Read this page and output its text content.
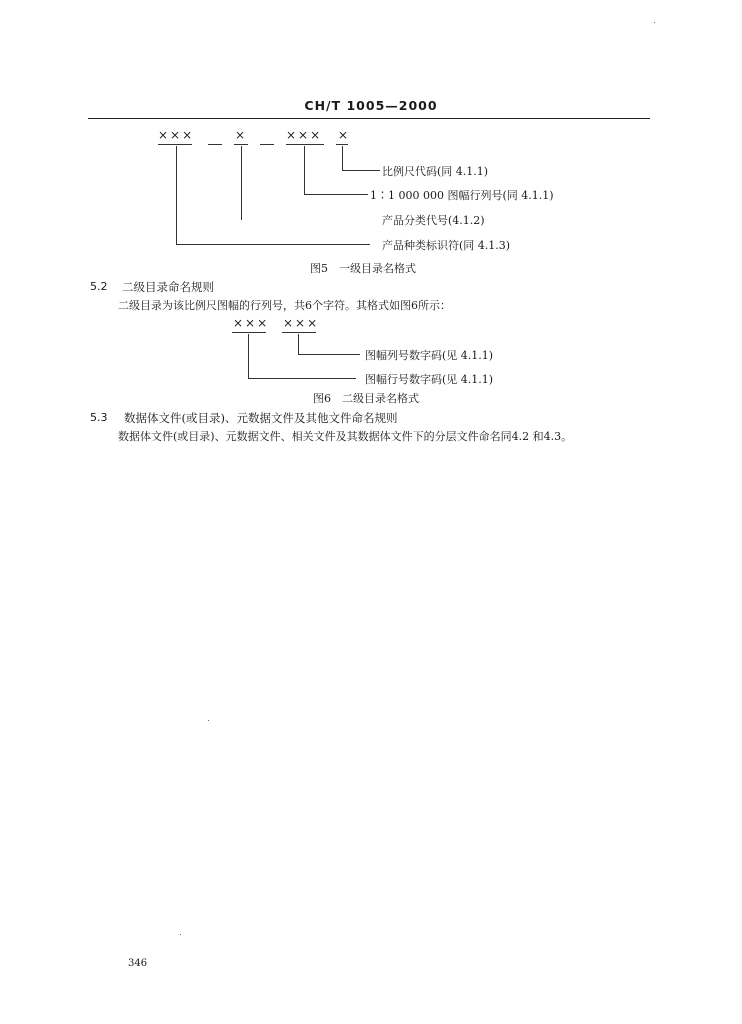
CH/T 1005—2000
×××	×	××× ×
比例尺代码(同 4.1.1)
1∶1 000 000 图幅行列号(同 4.1.1)
产品分类代号(4.1.2)
产品种类标识符(同 4.1.3)
图5　一级目录名格式
5.2 二级目录命名规则
二级目录为该比例尺图幅的行列号，共6个字符。其格式如图6所示：
××× ×××
图幅列号数字码(见 4.1.1)
图幅行号数字码(见 4.1.1)
图6　二级目录名格式
5.3 数据体文件(或目录)、元数据文件及其他文件命名规则
数据体文件(或目录)、元数据文件、相关文件及其数据体文件下的分层文件命名同4.2 和4.3。
346
